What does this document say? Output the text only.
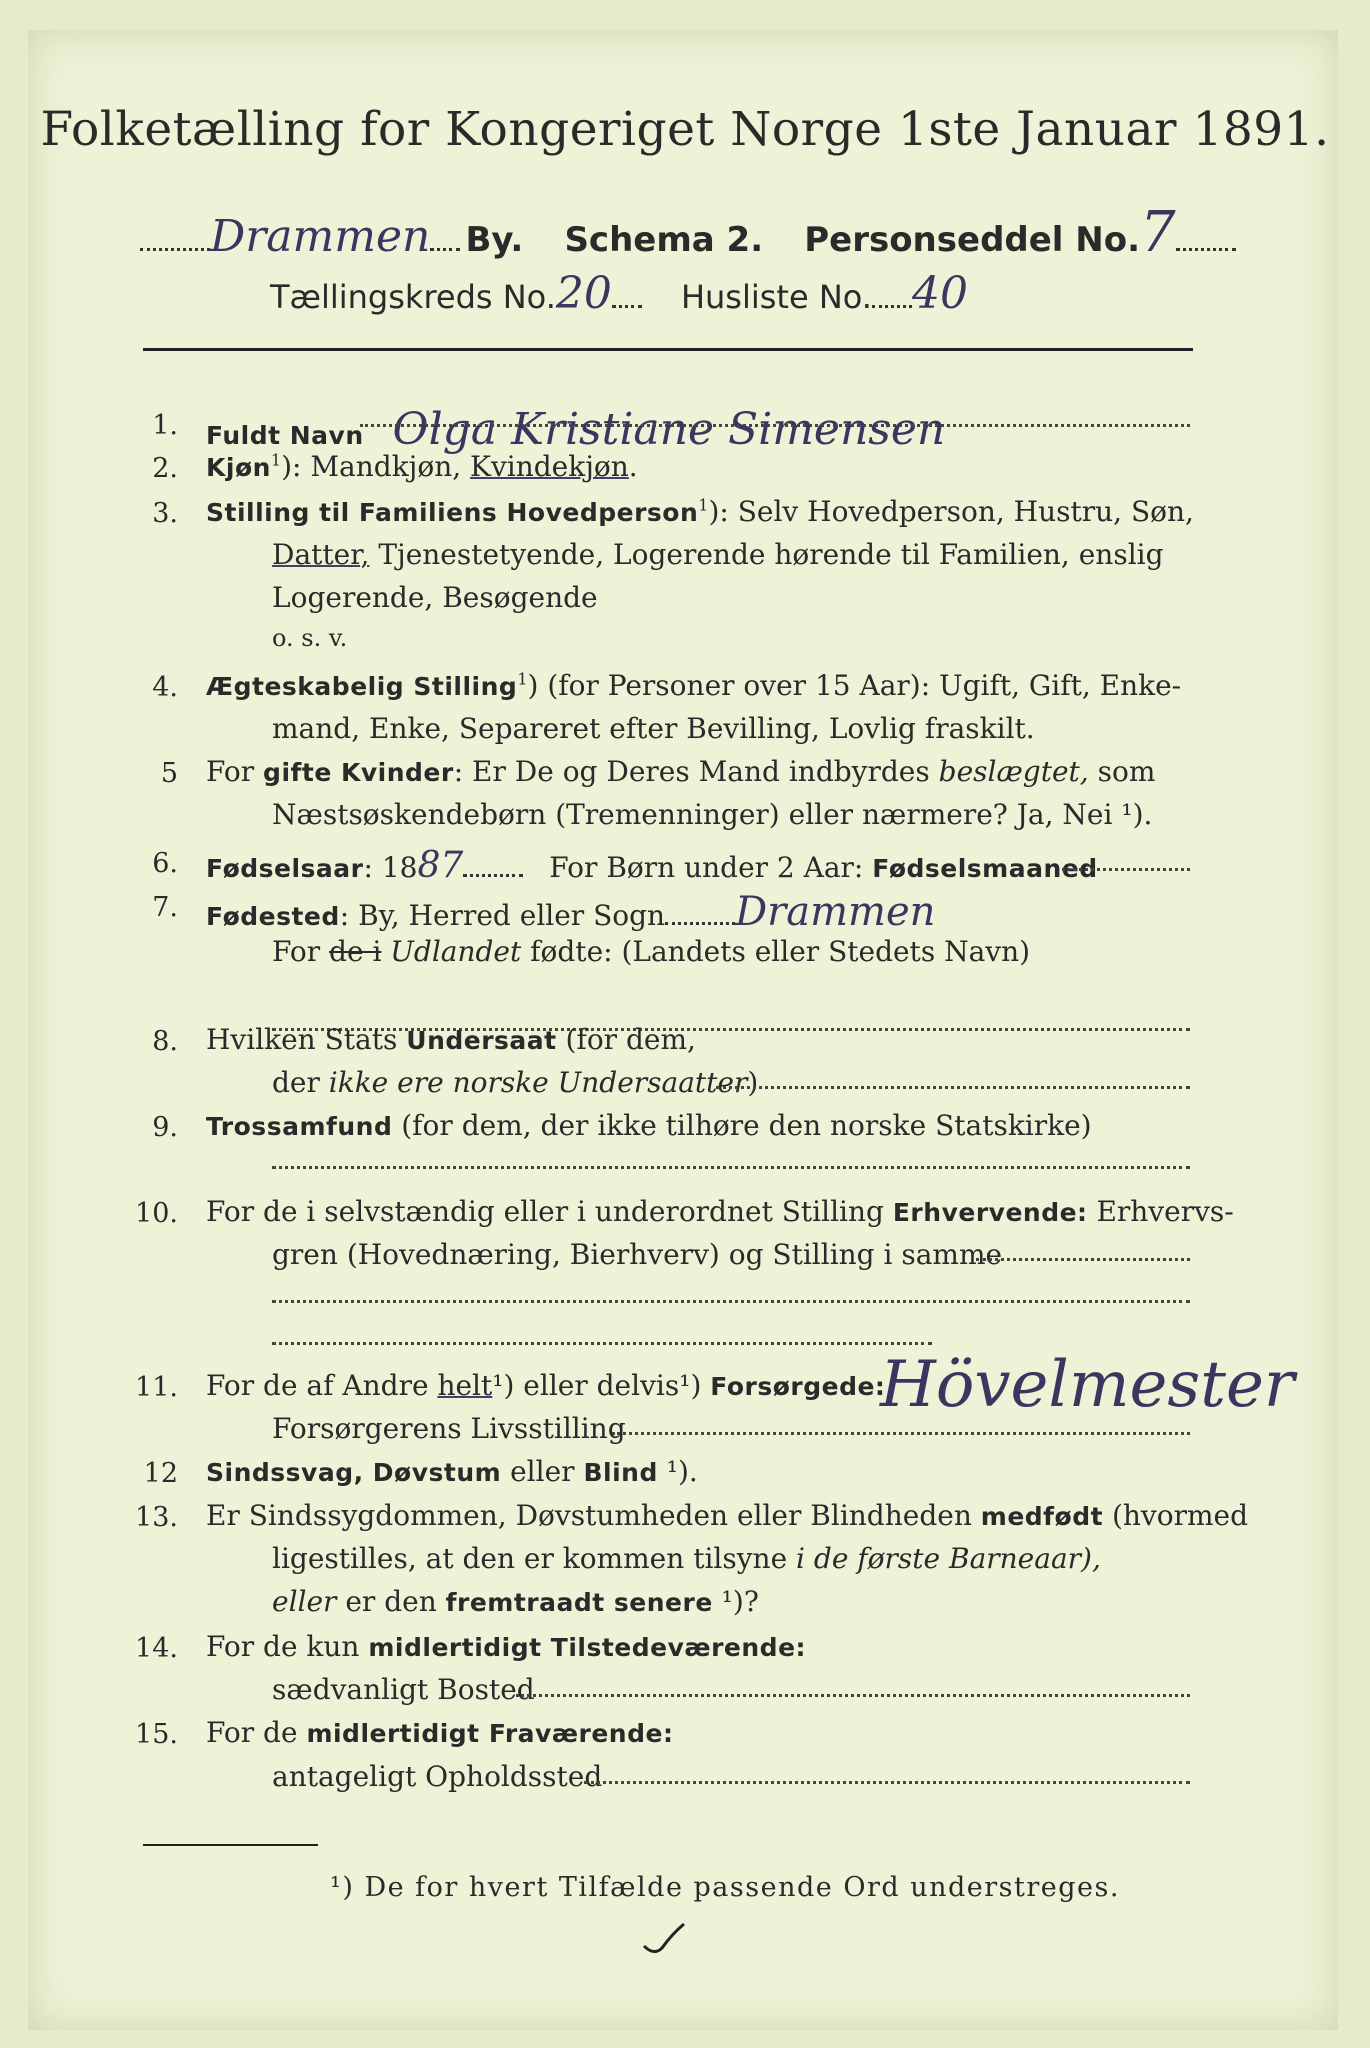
Folketælling for Kongeriget Norge 1ste Januar 1891.
Drammen By. Schema 2. Personseddel No.7
Tællingskreds No.20 Husliste No. 40
1. Fuldt Navn Olga Kristiane Simensen
2. Kjøn$^1$): Mandkjøn, Kvindekjøn.
3. Stilling til Familiens Hovedperson$^1$): Selv Hovedperson, Hustru, Søn,
Datter, Tjenestetyende, Logerende hørende til Familien, enslig
Logerende, Besøgende
o. s. v.
4. Ægteskabelig Stilling$^1$) (for Personer over 15 Aar): Ugift, Gift, Enke-
mand, Enke, Separeret efter Bevilling, Lovlig fraskilt.
5 For gifte Kvinder: Er De og Deres Mand indbyrdes beslægtet, som
Næstsøskendebørn (Tremenninger) eller nærmere? Ja, Nei ¹).
6. Fødselsaar: 1887	For Børn under 2 Aar: Fødselsmaaned
7. Fødested: By, Herred eller Sogn Drammen
For de i Udlandet fødte: (Landets eller Stedets Navn)
8. Hvilken Stats Undersaat (for dem,
der ikke ere norske Undersaatter)
9. Trossamfund (for dem, der ikke tilhøre den norske Statskirke)
10. For de i selvstændig eller i underordnet Stilling Erhvervende: Erhvervs-
gren (Hovednæring, Bierhverv) og Stilling i samme
11. For de af Andre helt¹) eller delvis¹) Forsørgede:
Forsørgerens Livsstilling
Hövelmester
12 Sindssvag, Døvstum eller Blind ¹).
13. Er Sindssygdommen, Døvstumheden eller Blindheden medfødt (hvormed
ligestilles, at den er kommen tilsyne i de første Barneaar),
eller er den fremtraadt senere ¹)?
14. For de kun midlertidigt Tilstedeværende:
sædvanligt Bosted
15. For de midlertidigt Fraværende:
antageligt Opholdssted
¹) De for hvert Tilfælde passende Ord understreges.
